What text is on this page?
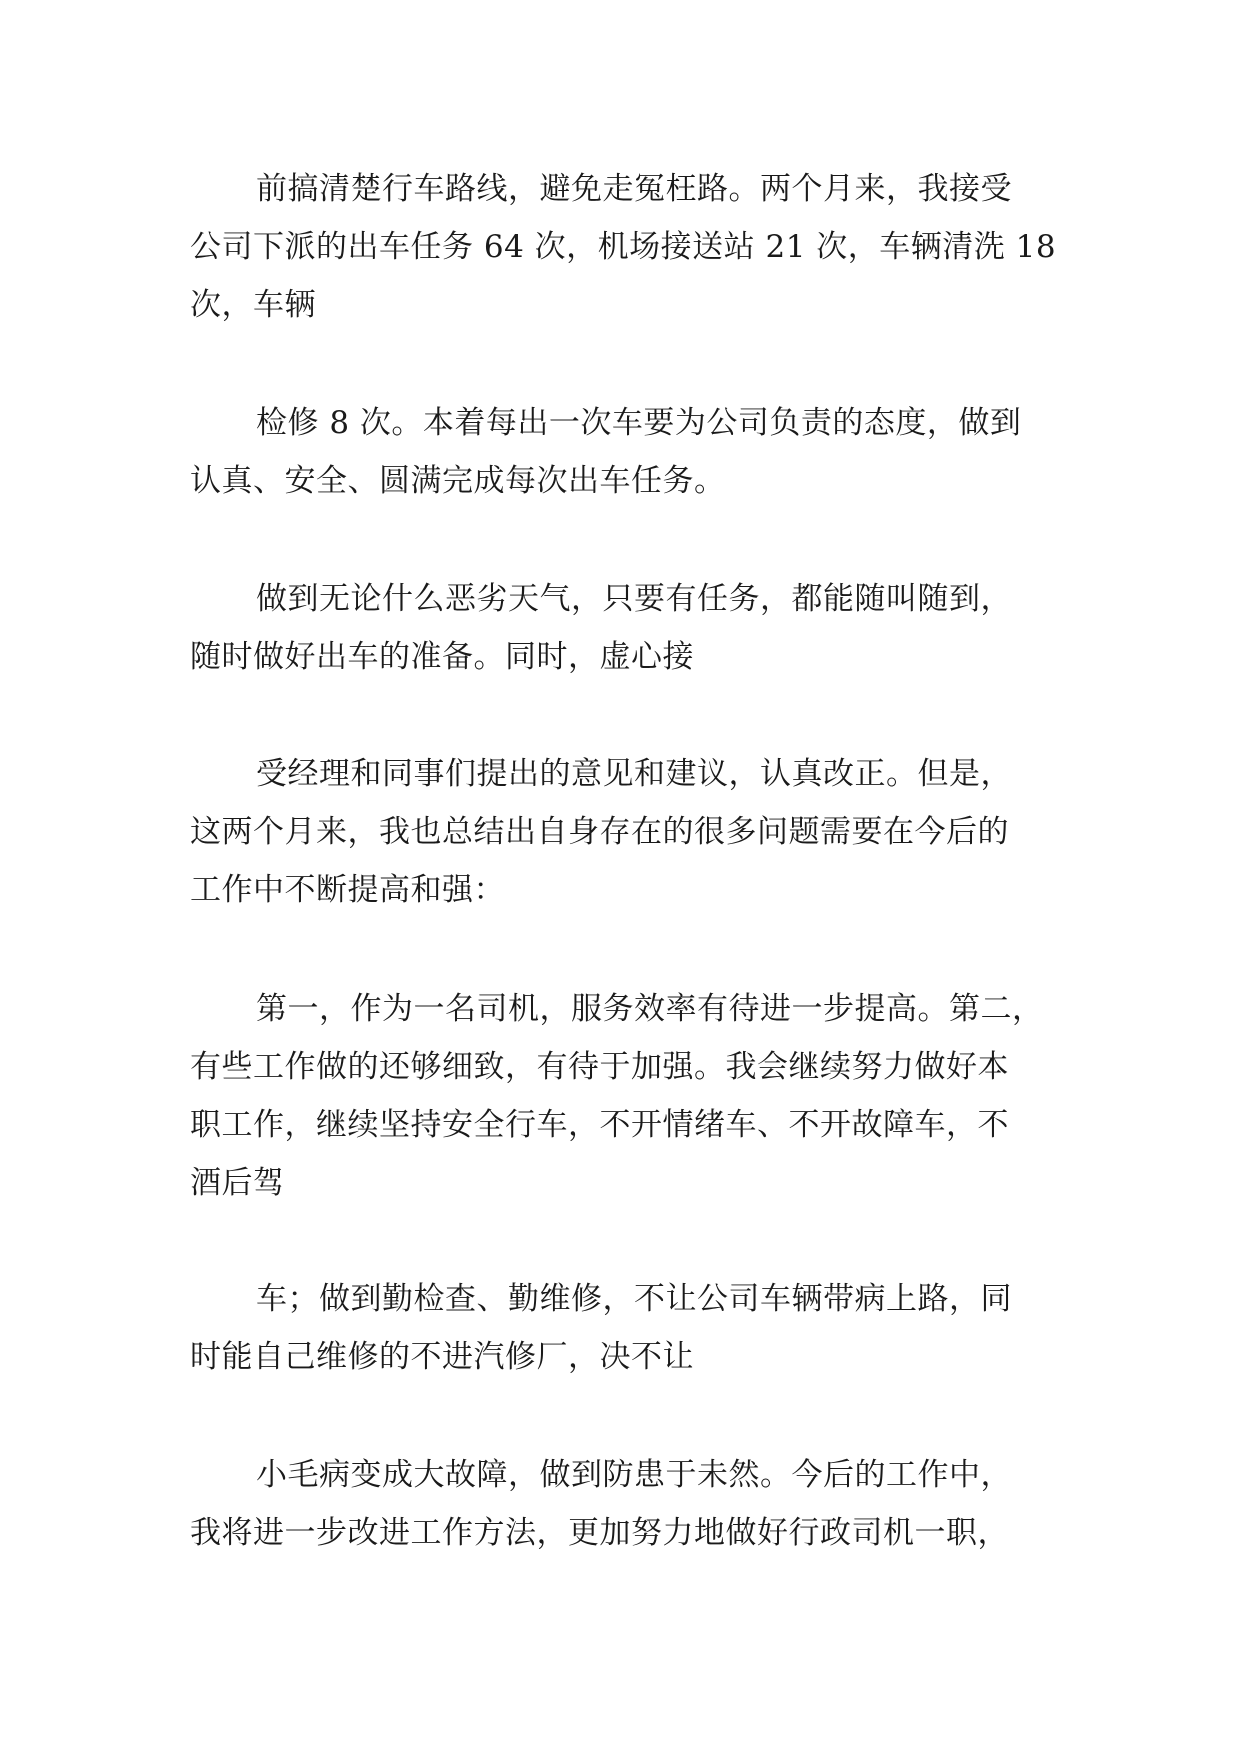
前搞清楚行车路线，避免走冤枉路。两个月来，我接受
公司下派的出车任务 64 次，机场接送站 21 次，车辆清洗 18
次，车辆

检修 8 次。本着每出一次车要为公司负责的态度，做到
认真、安全、圆满完成每次出车任务。

做到无论什么恶劣天气，只要有任务，都能随叫随到，
随时做好出车的准备。同时，虚心接

受经理和同事们提出的意见和建议，认真改正。但是，
这两个月来，我也总结出自身存在的很多问题需要在今后的
工作中不断提高和强：

第一，作为一名司机，服务效率有待进一步提高。第二，
有些工作做的还够细致，有待于加强。我会继续努力做好本
职工作，继续坚持安全行车，不开情绪车、不开故障车，不
酒后驾

车；做到勤检查、勤维修，不让公司车辆带病上路，同
时能自己维修的不进汽修厂，决不让

小毛病变成大故障，做到防患于未然。今后的工作中，
我将进一步改进工作方法，更加努力地做好行政司机一职，
